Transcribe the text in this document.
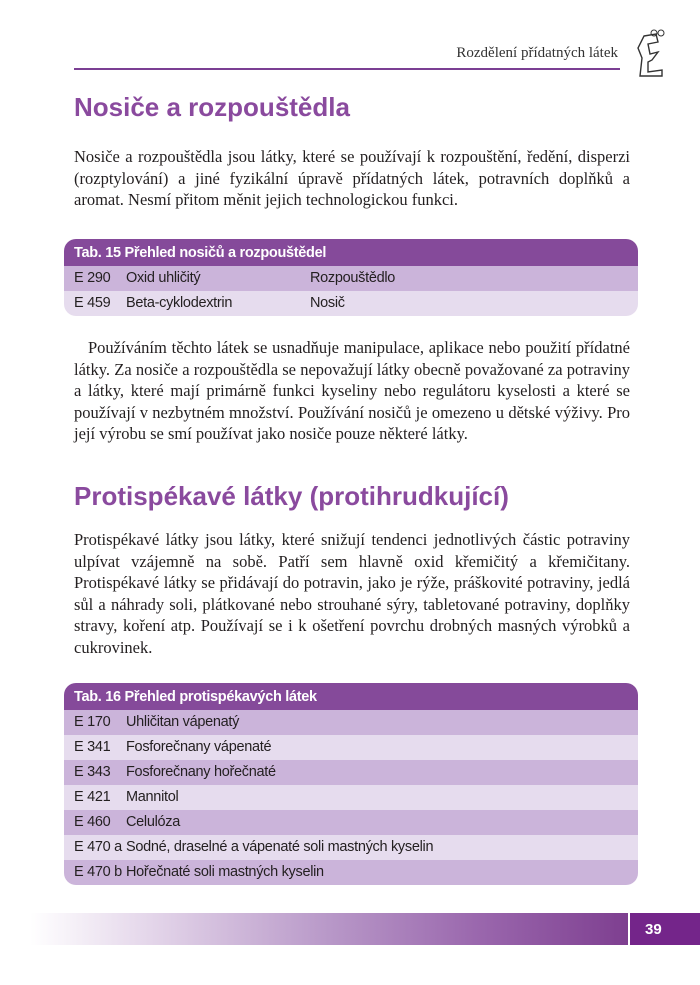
Rozdělení přídatných látek
Nosiče a rozpouštědla

Nosiče a rozpouštědla jsou látky, které se používají k rozpouštění, ředění, disperzi (rozptylování) a jiné fyzikální úpravě přídatných látek, potravních doplňků a aromat. Nesmí přitom měnit jejich technologickou funkci.

Tab. 15 Přehled nosičů a rozpouštědel
E 290	Oxid uhličitý	Rozpouštědlo
E 459	Beta-cyklodextrin	Nosič

Používáním těchto látek se usnadňuje manipulace, aplikace nebo použití přídatné látky. Za nosiče a rozpouštědla se nepovažují látky obecně považované za potraviny a látky, které mají primárně funkci kyseliny nebo regulátoru kyselosti a které se používají v nezbytném množství. Používání nosičů je omezeno u dětské výživy. Pro její výrobu se smí používat jako nosiče pouze některé látky.

Protispékavé látky (protihrudkující)

Protispékavé látky jsou látky, které snižují tendenci jednotlivých částic potraviny ulpívat vzájemně na sobě. Patří sem hlavně oxid křemičitý a křemičitany. Protispékavé látky se přidávají do potravin, jako je rýže, práškovité potraviny, jedlá sůl a náhrady soli, plátkované nebo strouhané sýry, tabletované potraviny, doplňky stravy, koření atp. Používají se i k ošetření povrchu drobných masných výrobků a cukrovinek.

Tab. 16 Přehled protispékavých látek
E 170	Uhličitan vápenatý
E 341	Fosforečnany vápenaté
E 343	Fosforečnany hořečnaté
E 421	Mannitol
E 460	Celulóza
E 470 a Sodné, draselné a vápenaté soli mastných kyselin
E 470 b Hořečnaté soli mastných kyselin
39
